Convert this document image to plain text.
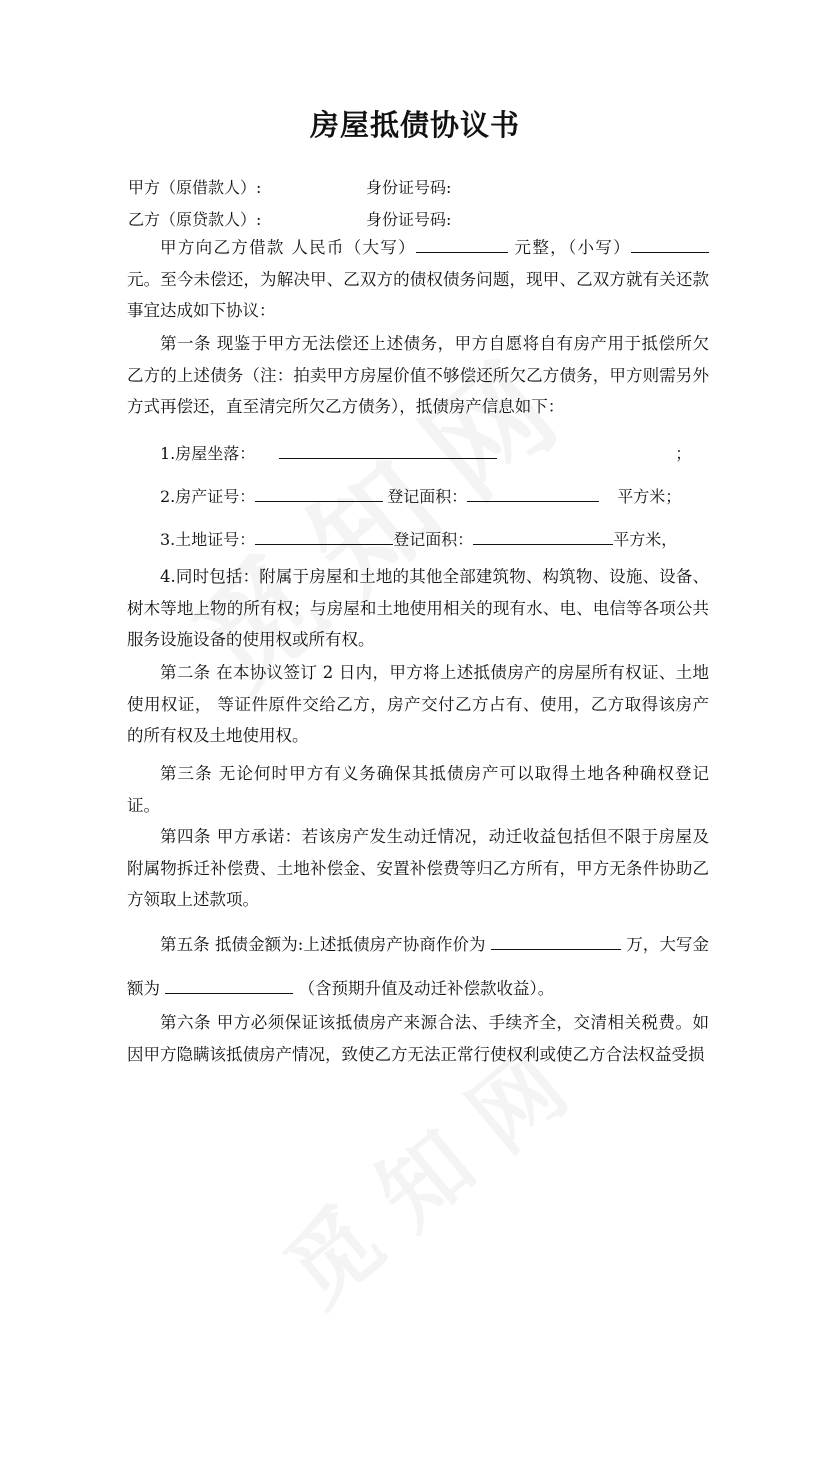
房屋抵债协议书
甲方（原借款人）:	身份证号码:
乙方（原贷款人）:	身份证号码:

甲方向乙方借款 人民币（大写）	元整，（小写）元。至今未偿还，为解决甲、乙双方的债权债务问题，现甲、乙双方就有关还款事宜达成如下协议：

第一条 现鉴于甲方无法偿还上述债务，甲方自愿将自有房产用于抵偿所欠乙方的上述债务（注：拍卖甲方房屋价值不够偿还所欠乙方债务，甲方则需另外方式再偿还，直至清完所欠乙方债务），抵债房产信息如下：

1.房屋坐落：	；
2.房产证号：	登记面积：	平方米；
3.土地证号：	登记面积：	平方米，

4.同时包括：附属于房屋和土地的其他全部建筑物、构筑物、设施、设备、树木等地上物的所有权；与房屋和土地使用相关的现有水、电、电信等各项公共服务设施设备的使用权或所有权。

第二条 在本协议签订 2 日内，甲方将上述抵债房产的房屋所有权证、土地使用权证， 等证件原件交给乙方，房产交付乙方占有、使用，乙方取得该房产的所有权及土地使用权。

第三条 无论何时甲方有义务确保其抵债房产可以取得土地各种确权登记证。

第四条 甲方承诺：若该房产发生动迁情况，动迁收益包括但不限于房屋及附属物拆迁补偿费、土地补偿金、安置补偿费等归乙方所有，甲方无条件协助乙方领取上述款项。

第五条 抵债金额为:上述抵债房产协商作价为	万，大写金额为	（含预期升值及动迁补偿款收益）。

第六条 甲方必须保证该抵债房产来源合法、手续齐全，交清相关税费。如因甲方隐瞒该抵债房产情况，致使乙方无法正常行使权利或使乙方合法权益受损
